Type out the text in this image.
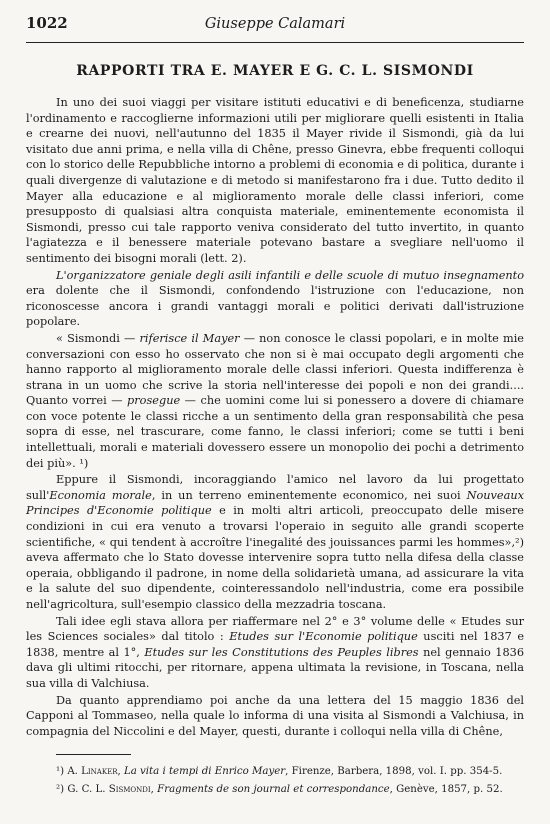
1022	Giuseppe Calamari
RAPPORTI TRA E. MAYER E G. C. L. SISMONDI

In uno dei suoi viaggi per visitare istituti educativi e di beneficenza, studiarne l'ordinamento e raccoglierne informazioni utili per migliorare quelli esistenti in Italia e crearne dei nuovi, nell'autunno del 1835 il Mayer rivide il Sismondi, già da lui visitato due anni prima, e nella villa di Chêne, presso Ginevra, ebbe frequenti colloqui con lo storico delle Repubbliche intorno a problemi di economia e di politica, durante i quali divergenze di valutazione e di metodo si manifestarono fra i due. Tutto dedito il Mayer alla educazione e al miglioramento morale delle classi inferiori, come presupposto di qualsiasi altra conquista materiale, eminentemente economista il Sismondi, presso cui tale rapporto veniva considerato del tutto invertito, in quanto l'agiatezza e il benessere materiale potevano bastare a svegliare nell'uomo il sentimento dei bisogni morali (lett. 2).

L'organizzatore geniale degli asili infantili e delle scuole di mutuo insegnamento era dolente che il Sismondi, confondendo l'istruzione con l'educazione, non riconoscesse ancora i grandi vantaggi morali e politici derivati dall'istruzione popolare.

« Sismondi — riferisce il Mayer — non conosce le classi popolari, e in molte mie conversazioni con esso ho osservato che non si è mai occupato degli argomenti che hanno rapporto al miglioramento morale delle classi inferiori. Questa indifferenza è strana in un uomo che scrive la storia nell'interesse dei popoli e non dei grandi.... Quanto vorrei — prosegue — che uomini come lui si ponessero a dovere di chiamare con voce potente le classi ricche a un sentimento della gran responsabilità che pesa sopra di esse, nel trascurare, come fanno, le classi inferiori; come se tutti i beni intellettuali, morali e materiali dovessero essere un monopolio dei pochi a detrimento dei più». ¹)

Eppure il Sismondi, incoraggiando l'amico nel lavoro da lui progettato sull'Economia morale, in un terreno eminentemente economico, nei suoi Nouveaux Principes d'Economie politique e in molti altri articoli, preoccupato delle misere condizioni in cui era venuto a trovarsi l'operaio in seguito alle grandi scoperte scientifiche, « qui tendent à accroître l'inegalité des jouissances parmi les hommes»,²) aveva affermato che lo Stato dovesse intervenire sopra tutto nella difesa della classe operaia, obbligando il padrone, in nome della solidarietà umana, ad assicurare la vita e la salute del suo dipendente, cointeressandolo nell'industria, come era possibile nell'agricoltura, sull'esempio classico della mezzadria toscana.

Tali idee egli stava allora per riaffermare nel 2° e 3° volume delle « Etudes sur les Sciences sociales» dal titolo : Etudes sur l'Economie politique usciti nel 1837 e 1838, mentre al 1°, Etudes sur les Constitutions des Peuples libres nel gennaio 1836 dava gli ultimi ritocchi, per ritornare, appena ultimata la revisione, in Toscana, nella sua villa di Valchiusa.

Da quanto apprendiamo poi anche da una lettera del 15 maggio 1836 del Capponi al Tommaseo, nella quale lo informa di una visita al Sismondi a Valchiusa, in compagnia del Niccolini e del Mayer, questi, durante i colloqui nella villa di Chêne,

¹) A. Linaker, La vita i tempi di Enrico Mayer, Firenze, Barbera, 1898, vol. I. pp. 354-5.

²) G. C. L. Sismondi, Fragments de son journal et correspondance, Genève, 1857, p. 52.
